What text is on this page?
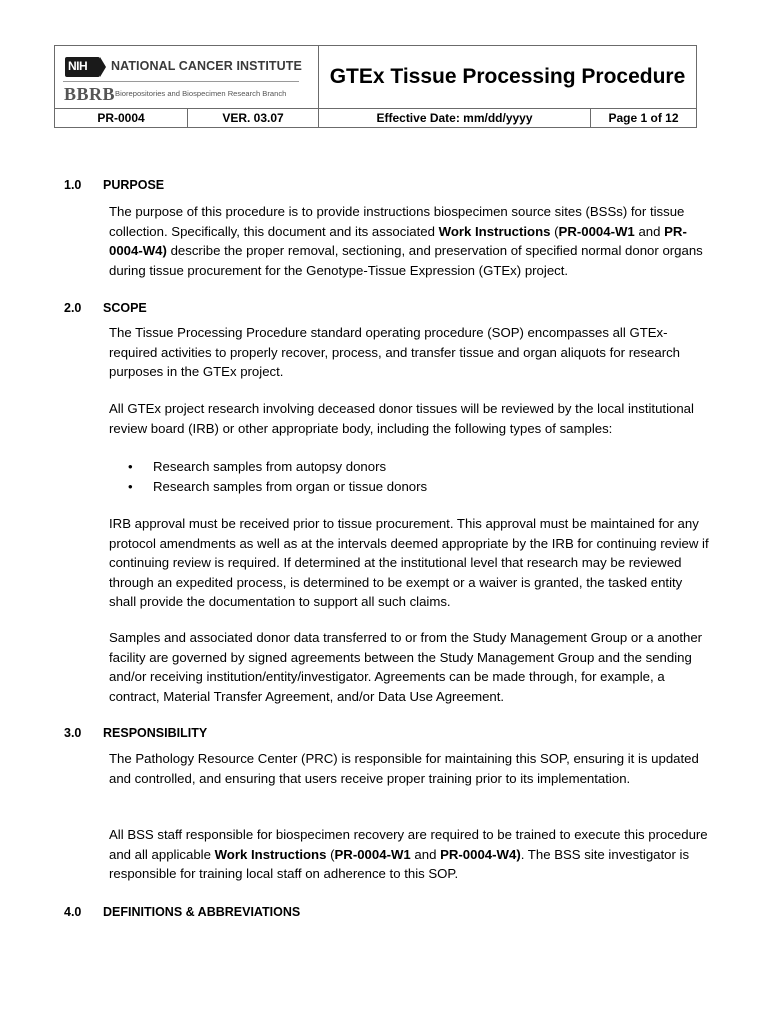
NIH NATIONAL CANCER INSTITUTE
BBRB Biorepositories and Biospecimen Research Branch
GTEx Tissue Processing Procedure
PR-0004	VER. 03.07	Effective Date: mm/dd/yyyy	Page 1 of 12
1.0 PURPOSE
The purpose of this procedure is to provide instructions biospecimen source sites (BSSs) for tissue collection. Specifically, this document and its associated Work Instructions (PR-0004-W1 and PR-0004-W4) describe the proper removal, sectioning, and preservation of specified normal donor organs during tissue procurement for the Genotype-Tissue Expression (GTEx) project.
2.0 SCOPE
The Tissue Processing Procedure standard operating procedure (SOP) encompasses all GTEx-required activities to properly recover, process, and transfer tissue and organ aliquots for research purposes in the GTEx project.
All GTEx project research involving deceased donor tissues will be reviewed by the local institutional review board (IRB) or other appropriate body, including the following types of samples:
• Research samples from autopsy donors
• Research samples from organ or tissue donors
IRB approval must be received prior to tissue procurement. This approval must be maintained for any protocol amendments as well as at the intervals deemed appropriate by the IRB for continuing review if continuing review is required. If determined at the institutional level that research may be reviewed through an expedited process, is determined to be exempt or a waiver is granted, the tasked entity shall provide the documentation to support all such claims.
Samples and associated donor data transferred to or from the Study Management Group or a another facility are governed by signed agreements between the Study Management Group and the sending and/or receiving institution/entity/investigator. Agreements can be made through, for example, a contract, Material Transfer Agreement, and/or Data Use Agreement.
3.0 RESPONSIBILITY
The Pathology Resource Center (PRC) is responsible for maintaining this SOP, ensuring it is updated and controlled, and ensuring that users receive proper training prior to its implementation.
All BSS staff responsible for biospecimen recovery are required to be trained to execute this procedure and all applicable Work Instructions (PR-0004-W1 and PR-0004-W4). The BSS site investigator is responsible for training local staff on adherence to this SOP.
4.0 DEFINITIONS & ABBREVIATIONS
